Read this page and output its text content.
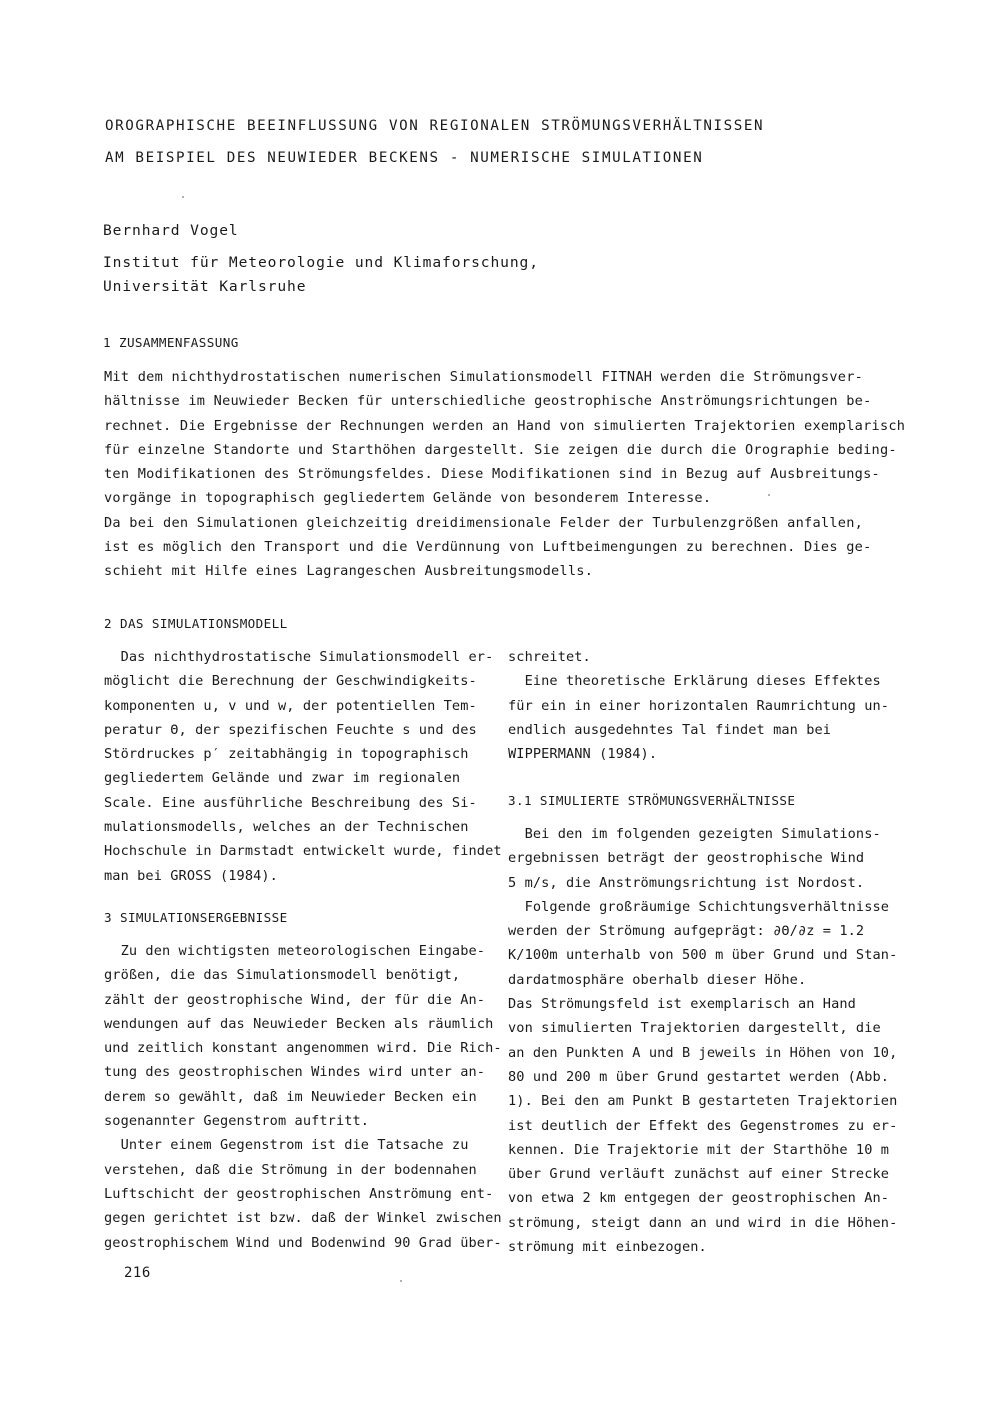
OROGRAPHISCHE BEEINFLUSSUNG VON REGIONALEN STRÖMUNGSVERHÄLTNISSEN
AM BEISPIEL DES NEUWIEDER BECKENS - NUMERISCHE SIMULATIONEN
Bernhard Vogel
Institut für Meteorologie und Klimaforschung,
Universität Karlsruhe
1 ZUSAMMENFASSUNG
Mit dem nichthydrostatischen numerischen Simulationsmodell FITNAH werden die Strömungsver-
hältnisse im Neuwieder Becken für unterschiedliche geostrophische Anströmungsrichtungen be-
rechnet. Die Ergebnisse der Rechnungen werden an Hand von simulierten Trajektorien exemplarisch
für einzelne Standorte und Starthöhen dargestellt. Sie zeigen die durch die Orographie beding-
ten Modifikationen des Strömungsfeldes. Diese Modifikationen sind in Bezug auf Ausbreitungs-
vorgänge in topographisch gegliedertem Gelände von besonderem Interesse.
Da bei den Simulationen gleichzeitig dreidimensionale Felder der Turbulenzgrößen anfallen,
ist es möglich den Transport und die Verdünnung von Luftbeimengungen zu berechnen. Dies ge-
schieht mit Hilfe eines Lagrangeschen Ausbreitungsmodells.
2 DAS SIMULATIONSMODELL
Das nichthydrostatische Simulationsmodell er-
möglicht die Berechnung der Geschwindigkeits-
komponenten u, v und w, der potentiellen Tem-
peratur Θ, der spezifischen Feuchte s und des
Stördruckes p′ zeitabhängig in topographisch
gegliedertem Gelände und zwar im regionalen
Scale. Eine ausführliche Beschreibung des Si-
mulationsmodells, welches an der Technischen
Hochschule in Darmstadt entwickelt wurde, findet
man bei GROSS (1984).
3 SIMULATIONSERGEBNISSE
Zu den wichtigsten meteorologischen Eingabe-
größen, die das Simulationsmodell benötigt,
zählt der geostrophische Wind, der für die An-
wendungen auf das Neuwieder Becken als räumlich
und zeitlich konstant angenommen wird. Die Rich-
tung des geostrophischen Windes wird unter an-
derem so gewählt, daß im Neuwieder Becken ein
sogenannter Gegenstrom auftritt.
Unter einem Gegenstrom ist die Tatsache zu
verstehen, daß die Strömung in der bodennahen
Luftschicht der geostrophischen Anströmung ent-
gegen gerichtet ist bzw. daß der Winkel zwischen
geostrophischem Wind und Bodenwind 90 Grad über-
schreitet.
Eine theoretische Erklärung dieses Effektes
für ein in einer horizontalen Raumrichtung un-
endlich ausgedehntes Tal findet man bei
WIPPERMANN (1984).
3.1 SIMULIERTE STRÖMUNGSVERHÄLTNISSE
Bei den im folgenden gezeigten Simulations-
ergebnissen beträgt der geostrophische Wind
5 m/s, die Anströmungsrichtung ist Nordost.
Folgende großräumige Schichtungsverhältnisse
werden der Strömung aufgeprägt: ∂Θ/∂z = 1.2
K/100m unterhalb von 500 m über Grund und Stan-
dardatmosphäre oberhalb dieser Höhe.
Das Strömungsfeld ist exemplarisch an Hand
von simulierten Trajektorien dargestellt, die
an den Punkten A und B jeweils in Höhen von 10,
80 und 200 m über Grund gestartet werden (Abb.
1). Bei den am Punkt B gestarteten Trajektorien
ist deutlich der Effekt des Gegenstromes zu er-
kennen. Die Trajektorie mit der Starthöhe 10 m
über Grund verläuft zunächst auf einer Strecke
von etwa 2 km entgegen der geostrophischen An-
strömung, steigt dann an und wird in die Höhen-
strömung mit einbezogen.
216
